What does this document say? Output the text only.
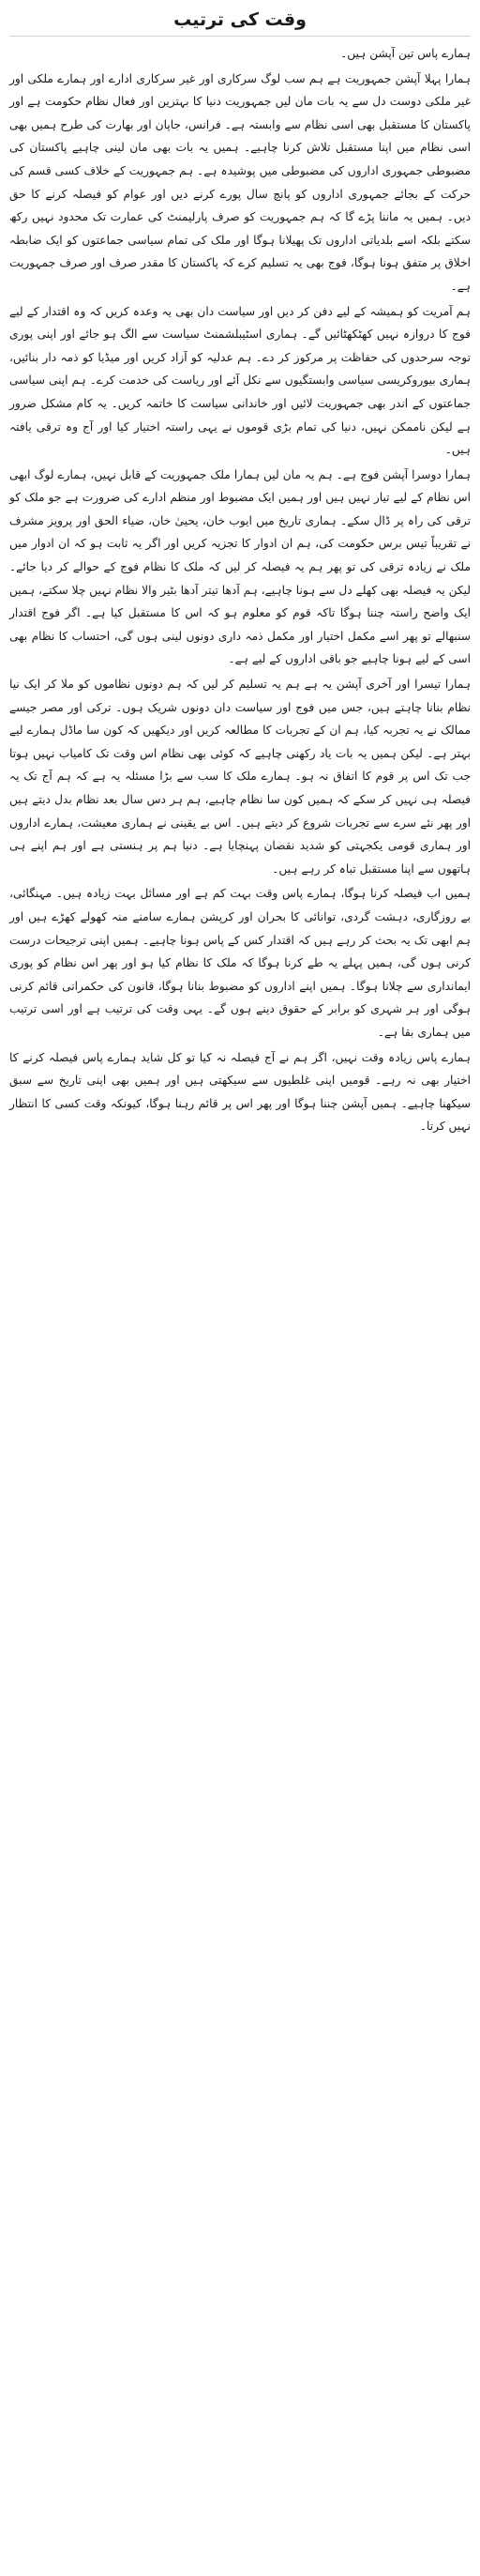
وقت کی ترتیب

ہمارے پاس تین آپشن ہیں۔

ہمارا پہلا آپشن جمہوریت ہے ہم سب لوگ سرکاری اور غیر سرکاری ادارے اور ہمارے ملکی اور غیر ملکی دوست دل سے یہ بات مان لیں جمہوریت دنیا کا بہترین اور فعال نظام حکومت ہے اور پاکستان کا مستقبل بھی اسی نظام سے وابستہ ہے۔ فرانس، جاپان اور بھارت کی طرح ہمیں بھی اسی نظام میں اپنا مستقبل تلاش کرنا چاہیے۔ ہمیں یہ بات بھی مان لینی چاہیے پاکستان کی مضبوطی جمہوری اداروں کی مضبوطی میں پوشیدہ ہے۔ ہم جمہوریت کے خلاف کسی قسم کی حرکت کے بجائے جمہوری اداروں کو پانچ سال پورے کرنے دیں اور عوام کو فیصلہ کرنے کا حق دیں۔ ہمیں یہ ماننا پڑے گا کہ ہم جمہوریت کو صرف پارلیمنٹ کی عمارت تک محدود نہیں رکھ سکتے بلکہ اسے بلدیاتی اداروں تک پھیلانا ہوگا اور ملک کی تمام سیاسی جماعتوں کو ایک ضابطہ اخلاق پر متفق ہونا ہوگا، فوج بھی یہ تسلیم کرے کہ پاکستان کا مقدر صرف اور صرف جمہوریت ہے۔

ہم آمریت کو ہمیشہ کے لیے دفن کر دیں اور سیاست دان بھی یہ وعدہ کریں کہ وہ اقتدار کے لیے فوج کا دروازہ نہیں کھٹکھٹائیں گے۔ ہماری اسٹیبلشمنٹ سیاست سے الگ ہو جائے اور اپنی پوری توجہ سرحدوں کی حفاظت پر مرکوز کر دے۔ ہم عدلیہ کو آزاد کریں اور میڈیا کو ذمہ دار بنائیں، ہماری بیوروکریسی سیاسی وابستگیوں سے نکل آئے اور ریاست کی خدمت کرے۔ ہم اپنی سیاسی جماعتوں کے اندر بھی جمہوریت لائیں اور خاندانی سیاست کا خاتمہ کریں۔ یہ کام مشکل ضرور ہے لیکن ناممکن نہیں، دنیا کی تمام بڑی قوموں نے یہی راستہ اختیار کیا اور آج وہ ترقی یافتہ ہیں۔

ہمارا دوسرا آپشن فوج ہے۔ ہم یہ مان لیں ہمارا ملک جمہوریت کے قابل نہیں، ہمارے لوگ ابھی اس نظام کے لیے تیار نہیں ہیں اور ہمیں ایک مضبوط اور منظم ادارے کی ضرورت ہے جو ملک کو ترقی کی راہ پر ڈال سکے۔ ہماری تاریخ میں ایوب خان، یحییٰ خان، ضیاء الحق اور پرویز مشرف نے تقریباً تیس برس حکومت کی، ہم ان ادوار کا تجزیہ کریں اور اگر یہ ثابت ہو کہ ان ادوار میں ملک نے زیادہ ترقی کی تو پھر ہم یہ فیصلہ کر لیں کہ ملک کا نظام فوج کے حوالے کر دیا جائے۔ لیکن یہ فیصلہ بھی کھلے دل سے ہونا چاہیے، ہم آدھا تیتر آدھا بٹیر والا نظام نہیں چلا سکتے، ہمیں ایک واضح راستہ چننا ہوگا تاکہ قوم کو معلوم ہو کہ اس کا مستقبل کیا ہے۔ اگر فوج اقتدار سنبھالے تو پھر اسے مکمل اختیار اور مکمل ذمہ داری دونوں لینی ہوں گی، احتساب کا نظام بھی اسی کے لیے ہونا چاہیے جو باقی اداروں کے لیے ہے۔

ہمارا تیسرا اور آخری آپشن یہ ہے ہم یہ تسلیم کر لیں کہ ہم دونوں نظاموں کو ملا کر ایک نیا نظام بنانا چاہتے ہیں، جس میں فوج اور سیاست دان دونوں شریک ہوں۔ ترکی اور مصر جیسے ممالک نے یہ تجربہ کیا، ہم ان کے تجربات کا مطالعہ کریں اور دیکھیں کہ کون سا ماڈل ہمارے لیے بہتر ہے۔ لیکن ہمیں یہ بات یاد رکھنی چاہیے کہ کوئی بھی نظام اس وقت تک کامیاب نہیں ہوتا جب تک اس پر قوم کا اتفاق نہ ہو۔ ہمارے ملک کا سب سے بڑا مسئلہ یہ ہے کہ ہم آج تک یہ فیصلہ ہی نہیں کر سکے کہ ہمیں کون سا نظام چاہیے، ہم ہر دس سال بعد نظام بدل دیتے ہیں اور پھر نئے سرے سے تجربات شروع کر دیتے ہیں۔ اس بے یقینی نے ہماری معیشت، ہمارے اداروں اور ہماری قومی یکجہتی کو شدید نقصان پہنچایا ہے۔ دنیا ہم پر ہنستی ہے اور ہم اپنے ہی ہاتھوں سے اپنا مستقبل تباہ کر رہے ہیں۔

ہمیں اب فیصلہ کرنا ہوگا، ہمارے پاس وقت بہت کم ہے اور مسائل بہت زیادہ ہیں۔ مہنگائی، بے روزگاری، دہشت گردی، توانائی کا بحران اور کرپشن ہمارے سامنے منہ کھولے کھڑے ہیں اور ہم ابھی تک یہ بحث کر رہے ہیں کہ اقتدار کس کے پاس ہونا چاہیے۔ ہمیں اپنی ترجیحات درست کرنی ہوں گی، ہمیں پہلے یہ طے کرنا ہوگا کہ ملک کا نظام کیا ہو اور پھر اس نظام کو پوری ایمانداری سے چلانا ہوگا۔ ہمیں اپنے اداروں کو مضبوط بنانا ہوگا، قانون کی حکمرانی قائم کرنی ہوگی اور ہر شہری کو برابر کے حقوق دینے ہوں گے۔ یہی وقت کی ترتیب ہے اور اسی ترتیب میں ہماری بقا ہے۔

ہمارے پاس زیادہ وقت نہیں، اگر ہم نے آج فیصلہ نہ کیا تو کل شاید ہمارے پاس فیصلہ کرنے کا اختیار بھی نہ رہے۔ قومیں اپنی غلطیوں سے سیکھتی ہیں اور ہمیں بھی اپنی تاریخ سے سبق سیکھنا چاہیے۔ ہمیں آپشن چننا ہوگا اور پھر اس پر قائم رہنا ہوگا، کیونکہ وقت کسی کا انتظار نہیں کرتا۔
